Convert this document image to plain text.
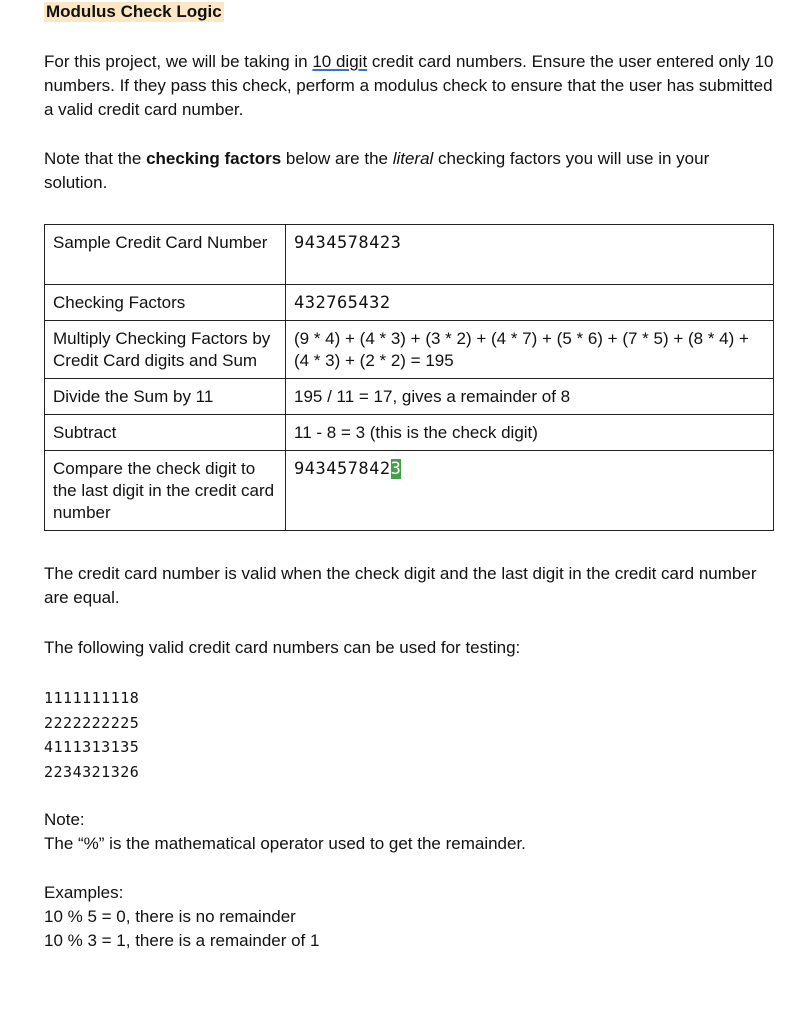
Modulus Check Logic

For this project, we will be taking in 10 digit credit card numbers. Ensure the user entered only 10 numbers. If they pass this check, perform a modulus check to ensure that the user has submitted a valid credit card number.

Note that the checking factors below are the literal checking factors you will use in your solution.

Sample Credit Card Number	9434578423
Checking Factors	432765432
Multiply Checking Factors by Credit Card digits and Sum	(9 * 4) + (4 * 3) + (3 * 2) + (4 * 7) + (5 * 6) + (7 * 5) + (8 * 4) + (4 * 3) + (2 * 2) = 195
Divide the Sum by 11	195 / 11 = 17, gives a remainder of 8
Subtract	11 - 8 = 3 (this is the check digit)
Compare the check digit to the last digit in the credit card number	9434578423

The credit card number is valid when the check digit and the last digit in the credit card number are equal.

The following valid credit card numbers can be used for testing:

1111111118
2222222225
4111313135
2234321326

Note:

The “%” is the mathematical operator used to get the remainder.

Examples:

10 % 5 = 0, there is no remainder

10 % 3 = 1, there is a remainder of 1
